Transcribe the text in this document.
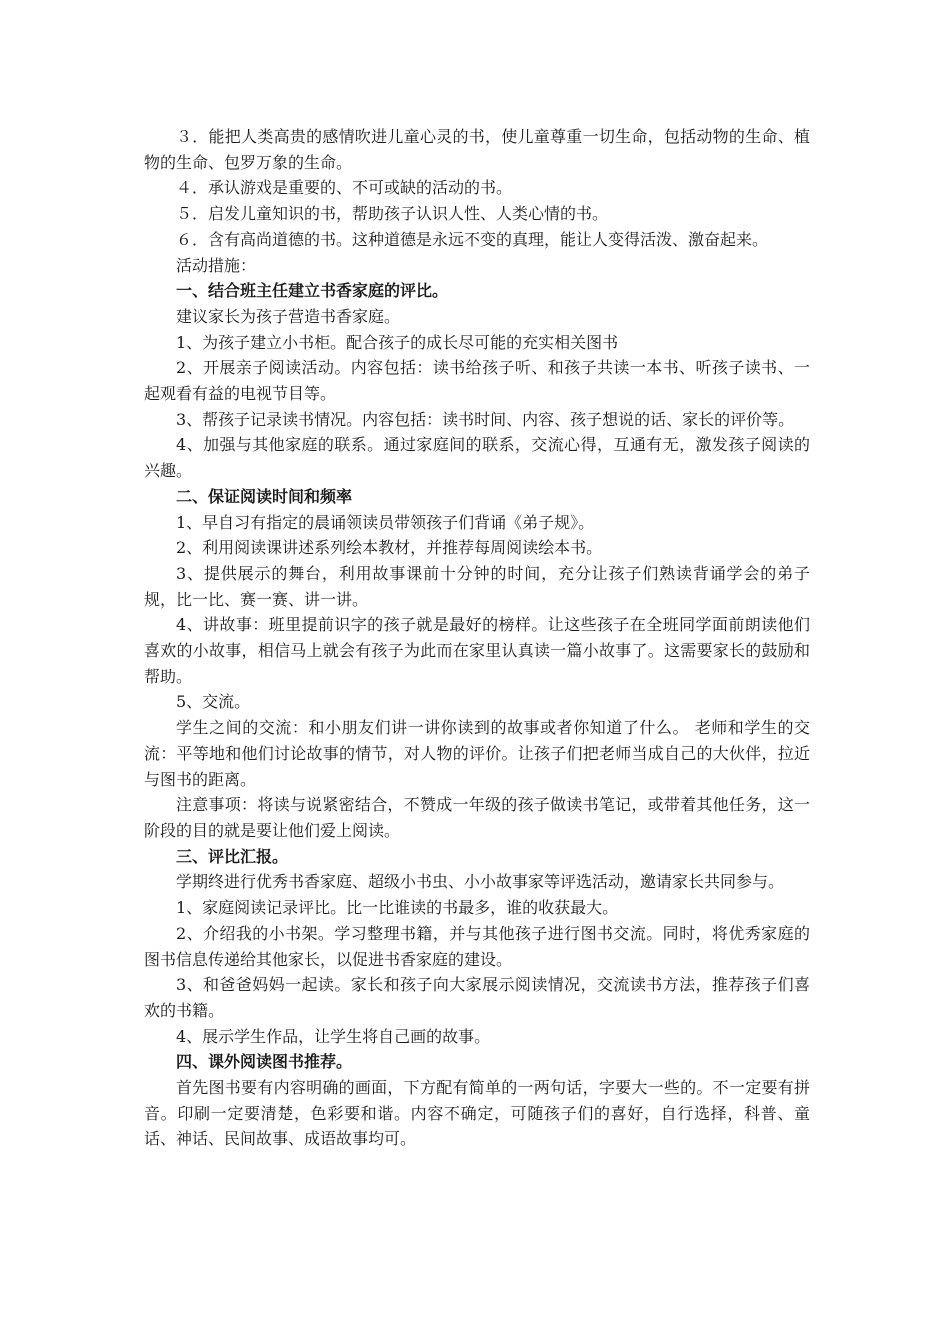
３．能把人类高贵的感情吹进儿童心灵的书，使儿童尊重一切生命，包括动物的生命、植物的生命、包罗万象的生命。

４．承认游戏是重要的、不可或缺的活动的书。

５．启发儿童知识的书，帮助孩子认识人性、人类心情的书。

６．含有高尚道德的书。这种道德是永远不变的真理，能让人变得活泼、激奋起来。

活动措施：

一、结合班主任建立书香家庭的评比。

建议家长为孩子营造书香家庭。

1、为孩子建立小书柜。配合孩子的成长尽可能的充实相关图书

2、开展亲子阅读活动。内容包括：读书给孩子听、和孩子共读一本书、听孩子读书、一起观看有益的电视节目等。

3、帮孩子记录读书情况。内容包括：读书时间、内容、孩子想说的话、家长的评价等。

4、加强与其他家庭的联系。通过家庭间的联系，交流心得，互通有无，激发孩子阅读的兴趣。

二、保证阅读时间和频率

1、早自习有指定的晨诵领读员带领孩子们背诵《弟子规》。

2、利用阅读课讲述系列绘本教材，并推荐每周阅读绘本书。

3、提供展示的舞台，利用故事课前十分钟的时间，充分让孩子们熟读背诵学会的弟子规，比一比、赛一赛、讲一讲。

4、讲故事：班里提前识字的孩子就是最好的榜样。让这些孩子在全班同学面前朗读他们喜欢的小故事，相信马上就会有孩子为此而在家里认真读一篇小故事了。这需要家长的鼓励和帮助。

5、交流。

学生之间的交流：和小朋友们讲一讲你读到的故事或者你知道了什么。 老师和学生的交流：平等地和他们讨论故事的情节，对人物的评价。让孩子们把老师当成自己的大伙伴，拉近与图书的距离。

注意事项：将读与说紧密结合，不赞成一年级的孩子做读书笔记，或带着其他任务，这一阶段的目的就是要让他们爱上阅读。

三、评比汇报。

学期终进行优秀书香家庭、超级小书虫、小小故事家等评选活动，邀请家长共同参与。

1、家庭阅读记录评比。比一比谁读的书最多，谁的收获最大。

2、介绍我的小书架。学习整理书籍，并与其他孩子进行图书交流。同时，将优秀家庭的图书信息传递给其他家长，以促进书香家庭的建设。

3、和爸爸妈妈一起读。家长和孩子向大家展示阅读情况，交流读书方法，推荐孩子们喜欢的书籍。

4、展示学生作品，让学生将自己画的故事。

四、课外阅读图书推荐。

首先图书要有内容明确的画面，下方配有简单的一两句话，字要大一些的。不一定要有拼音。印刷一定要清楚，色彩要和谐。内容不确定，可随孩子们的喜好，自行选择，科普、童话、神话、民间故事、成语故事均可。
